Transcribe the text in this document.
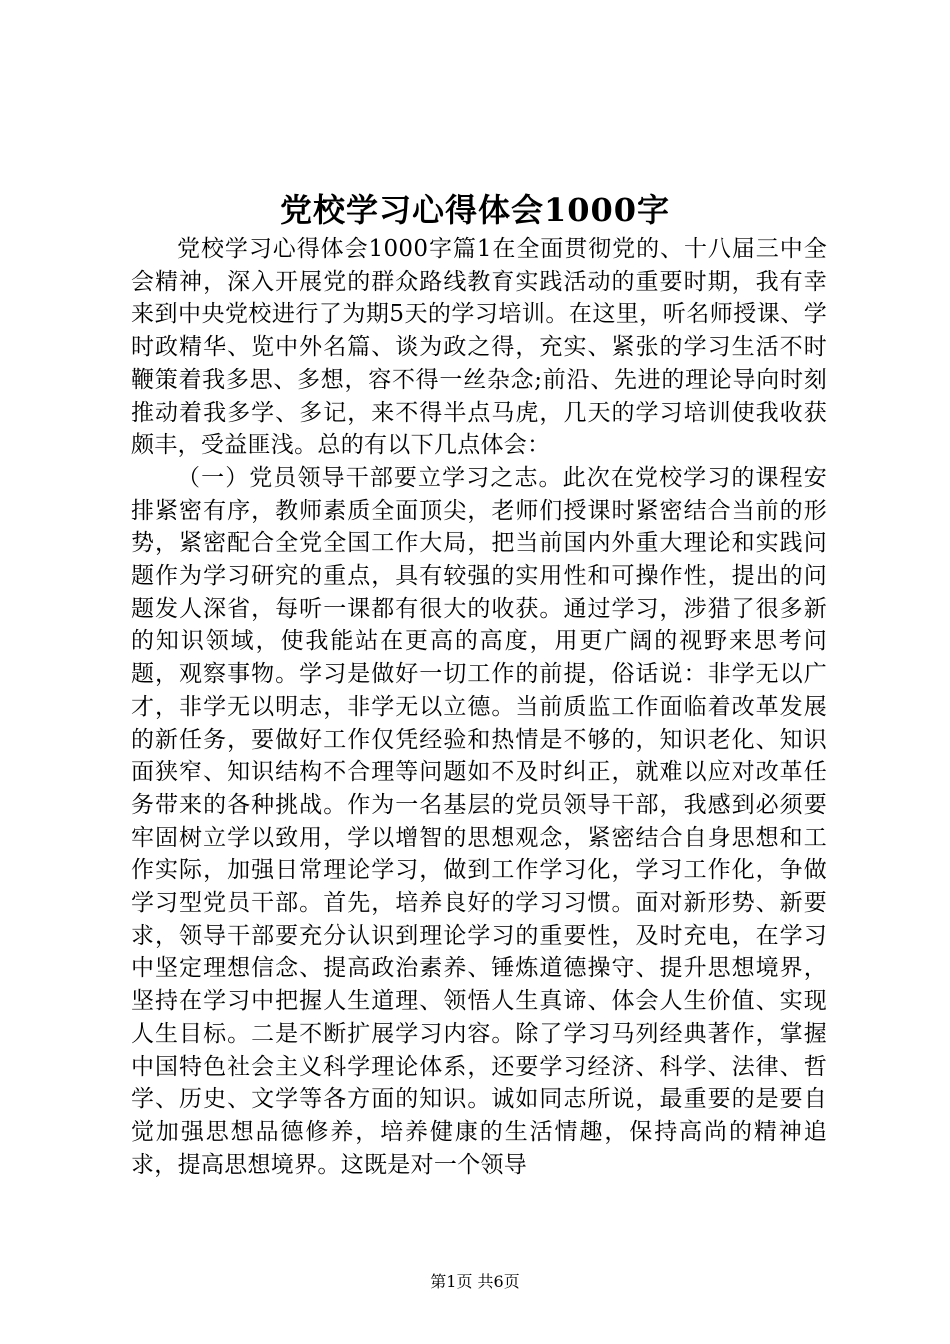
党校学习心得体会1000字

党校学习心得体会1000字篇1在全面贯彻党的、十八届三中全会精神，深入开展党的群众路线教育实践活动的重要时期，我有幸来到中央党校进行了为期5天的学习培训。在这里，听名师授课、学时政精华、览中外名篇、谈为政之得，充实、紧张的学习生活不时鞭策着我多思、多想，容不得一丝杂念;前沿、先进的理论导向时刻推动着我多学、多记，来不得半点马虎，几天的学习培训使我收获颇丰，受益匪浅。总的有以下几点体会：

（一）党员领导干部要立学习之志。此次在党校学习的课程安排紧密有序，教师素质全面顶尖，老师们授课时紧密结合当前的形势，紧密配合全党全国工作大局，把当前国内外重大理论和实践问题作为学习研究的重点，具有较强的实用性和可操作性，提出的问题发人深省，每听一课都有很大的收获。通过学习，涉猎了很多新的知识领域，使我能站在更高的高度，用更广阔的视野来思考问题，观察事物。学习是做好一切工作的前提，俗话说：非学无以广才，非学无以明志，非学无以立德。当前质监工作面临着改革发展的新任务，要做好工作仅凭经验和热情是不够的，知识老化、知识面狭窄、知识结构不合理等问题如不及时纠正，就难以应对改革任务带来的各种挑战。作为一名基层的党员领导干部，我感到必须要牢固树立学以致用，学以增智的思想观念，紧密结合自身思想和工作实际，加强日常理论学习，做到工作学习化，学习工作化，争做学习型党员干部。首先，培养良好的学习习惯。面对新形势、新要求，领导干部要充分认识到理论学习的重要性，及时充电，在学习中坚定理想信念、提高政治素养、锤炼道德操守、提升思想境界，坚持在学习中把握人生道理、领悟人生真谛、体会人生价值、实现人生目标。二是不断扩展学习内容。除了学习马列经典著作，掌握中国特色社会主义科学理论体系，还要学习经济、科学、法律、哲学、历史、文学等各方面的知识。诚如同志所说，最重要的是要自觉加强思想品德修养，培养健康的生活情趣，保持高尚的精神追求，提高思想境界。这既是对一个领导

第1页 共6页
